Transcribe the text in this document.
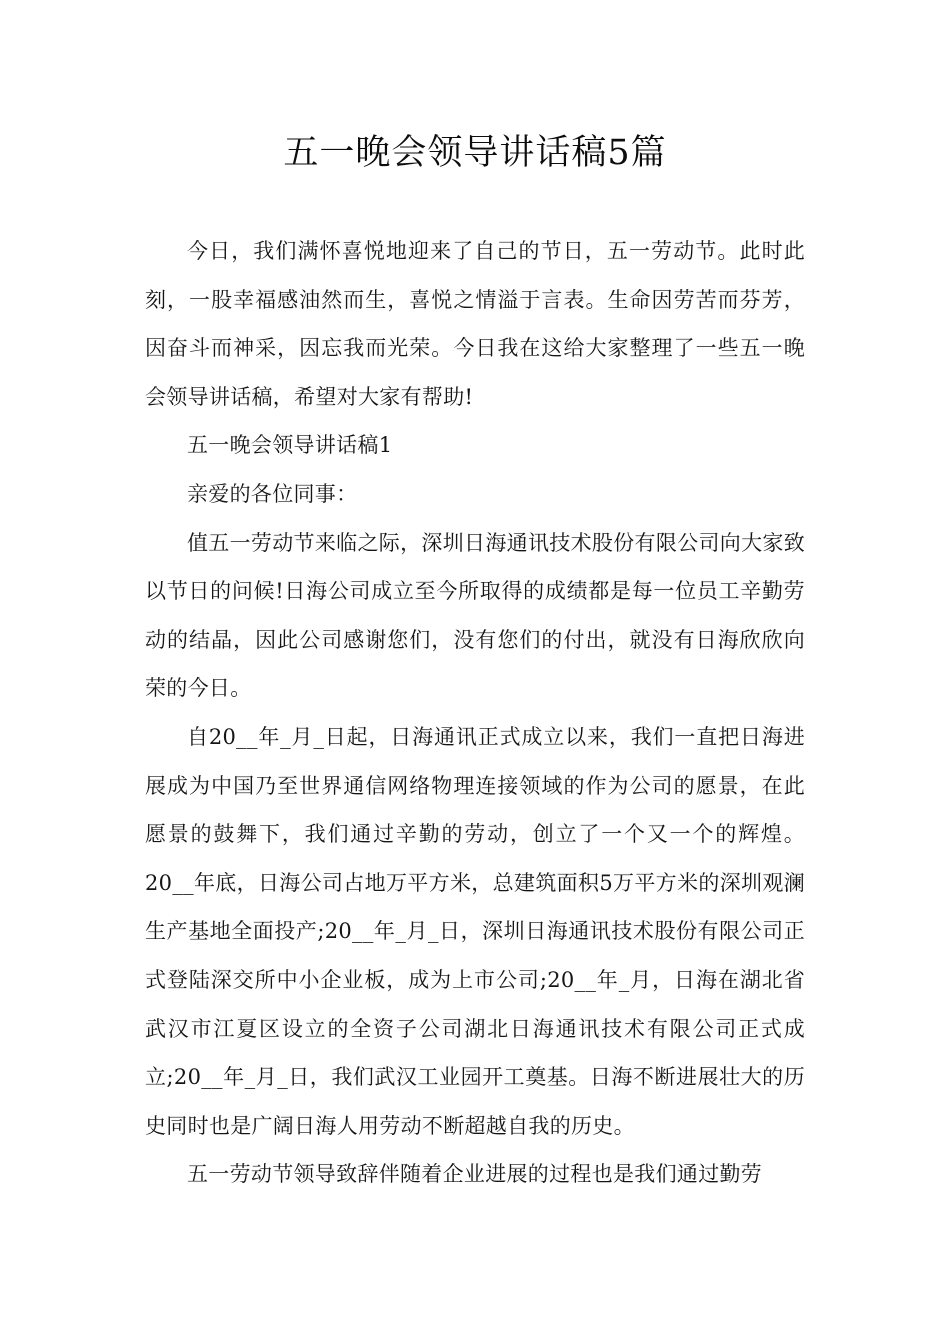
五一晚会领导讲话稿5篇

今日，我们满怀喜悦地迎来了自己的节日，五一劳动节。此时此刻，一股幸福感油然而生，喜悦之情溢于言表。生命因劳苦而芬芳，因奋斗而神采，因忘我而光荣。今日我在这给大家整理了一些五一晚会领导讲话稿，希望对大家有帮助!

五一晚会领导讲话稿1

亲爱的各位同事：

值五一劳动节来临之际，深圳日海通讯技术股份有限公司向大家致以节日的问候!日海公司成立至今所取得的成绩都是每一位员工辛勤劳动的结晶，因此公司感谢您们，没有您们的付出，就没有日海欣欣向荣的今日。

自20__年_月_日起，日海通讯正式成立以来，我们一直把日海进展成为中国乃至世界通信网络物理连接领域的作为公司的愿景，在此愿景的鼓舞下，我们通过辛勤的劳动，创立了一个又一个的辉煌。20__年底，日海公司占地万平方米，总建筑面积5万平方米的深圳观澜生产基地全面投产;20__年_月_日，深圳日海通讯技术股份有限公司正式登陆深交所中小企业板，成为上市公司;20__年_月，日海在湖北省武汉市江夏区设立的全资子公司湖北日海通讯技术有限公司正式成立;20__年_月_日，我们武汉工业园开工奠基。日海不断进展壮大的历史同时也是广阔日海人用劳动不断超越自我的历史。

五一劳动节领导致辞伴随着企业进展的过程也是我们通过勤劳
